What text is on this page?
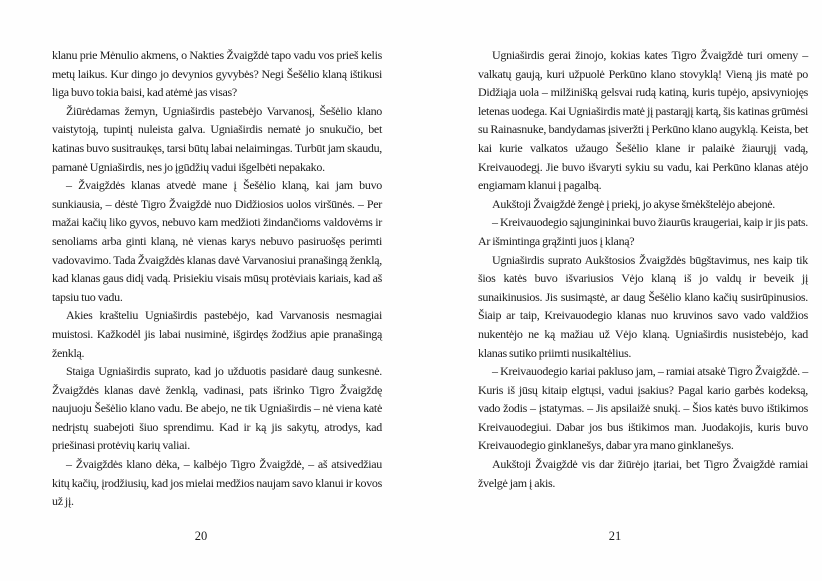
klanu prie Mėnulio akmens, o Nakties Žvaigždė tapo vadu vos prieš kelis metų laikus. Kur dingo jo devynios gyvybės? Negi Šešėlio klaną ištikusi liga buvo tokia baisi, kad atėmė jas visas?

Žiūrėdamas žemyn, Ugniaširdis pastebėjo Varvanosį, Šešėlio klano vaistytoją, tupintį nuleista galva. Ugniaširdis nematė jo snukučio, bet katinas buvo susitraukęs, tarsi būtų labai nelaimingas. Turbūt jam skaudu, pamanė Ugniaširdis, nes jo įgūdžių vadui išgelbėti nepakako.

– Žvaigždės klanas atvedė mane į Šešėlio klaną, kai jam buvo sunkiausia, – dėstė Tigro Žvaigždė nuo Didžiosios uolos viršūnės. – Per mažai kačių liko gyvos, nebuvo kam medžioti žindančioms valdovėms ir senoliams arba ginti klaną, nė vienas karys nebuvo pasiruošęs perimti vadovavimo. Tada Žvaigždės klanas davė Varvanosiui pranašingą ženklą, kad klanas gaus didį vadą. Prisiekiu visais mūsų protėviais kariais, kad aš tapsiu tuo vadu.

Akies krašteliu Ugniaširdis pastebėjo, kad Varvanosis nesmagiai muistosi. Kažkodėl jis labai nusiminė, išgirdęs žodžius apie pranašingą ženklą.

Staiga Ugniaširdis suprato, kad jo užduotis pasidarė daug sunkesnė. Žvaigždės klanas davė ženklą, vadinasi, pats išrinko Tigro Žvaigždę naujuoju Šešėlio klano vadu. Be abejo, ne tik Ugniaširdis – nė viena katė nedrįstų suabejoti šiuo sprendimu. Kad ir ką jis sakytų, atrodys, kad priešinasi protėvių karių valiai.

– Žvaigždės klano dėka, – kalbėjo Tigro Žvaigždė, – aš atsivedžiau kitų kačių, įrodžiusių, kad jos mielai medžios naujam savo klanui ir kovos už jį.

Ugniaširdis gerai žinojo, kokias kates Tigro Žvaigždė turi omeny – valkatų gaują, kuri užpuolė Perkūno klano stovyklą! Vieną jis matė po Didžiąja uola – milžinišką gelsvai rudą katiną, kuris tupėjo, apsivyniojęs letenas uodega. Kai Ugniaširdis matė jį pastarąjį kartą, šis katinas grūmėsi su Rainasnuke, bandydamas įsiveržti į Perkūno klano augyklą. Keista, bet kai kurie valkatos užaugo Šešėlio klane ir palaikė žiaurųjį vadą, Kreivauodegį. Jie buvo išvaryti sykiu su vadu, kai Perkūno klanas atėjo engiamam klanui į pagalbą.

Aukštoji Žvaigždė žengė į priekį, jo akyse šmėkštelėjo abejonė.

– Kreivauodegio sąjungininkai buvo žiaurūs kraugeriai, kaip ir jis pats. Ar išmintinga grąžinti juos į klaną?

Ugniaširdis suprato Aukštosios Žvaigždės būgštavimus, nes kaip tik šios katės buvo išvariusios Vėjo klaną iš jo valdų ir beveik jį sunaikinusios. Jis susimąstė, ar daug Šešėlio klano kačių susirūpinusios. Šiaip ar taip, Kreivauodegio klanas nuo kruvinos savo vado valdžios nukentėjo ne ką mažiau už Vėjo klaną. Ugniaširdis nusistebėjo, kad klanas sutiko priimti nusikaltėlius.

– Kreivauodegio kariai pakluso jam, – ramiai atsakė Tigro Žvaigždė. – Kuris iš jūsų kitaip elgtųsi, vadui įsakius? Pagal kario garbės kodeksą, vado žodis – įstatymas. – Jis apsilaižė snukį. – Šios katės buvo ištikimos Kreivauodegiui. Dabar jos bus ištikimos man. Juodakojis, kuris buvo Kreivauodegio ginklanešys, dabar yra mano ginklanešys.

Aukštoji Žvaigždė vis dar žiūrėjo įtariai, bet Tigro Žvaigždė ramiai žvelgė jam į akis.

20	21
